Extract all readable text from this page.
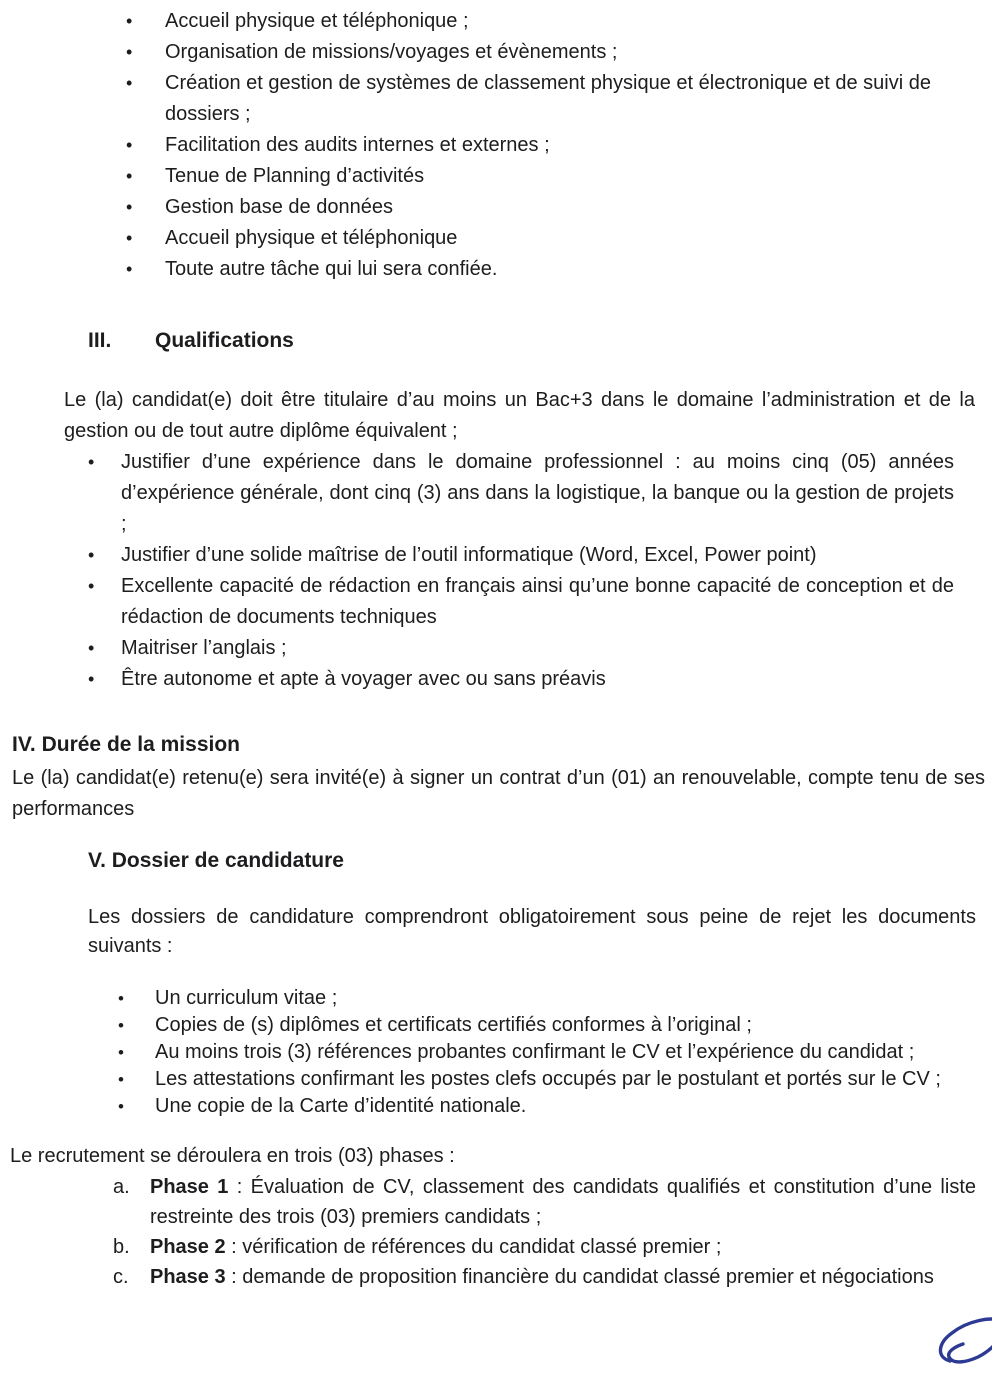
•	Accueil physique et téléphonique ;
•	Organisation de missions/voyages et évènements ;
•	Création et gestion de systèmes de classement physique et électronique et de suivi de dossiers ;
•	Facilitation des audits internes et externes ;
•	Tenue de Planning d’activités
•	Gestion base de données
•	Accueil physique et téléphonique
•	Toute autre tâche qui lui sera confiée.
III.	Qualifications

Le (la) candidat(e) doit être titulaire d’au moins un Bac+3 dans le domaine l’administration et de la gestion ou de tout autre diplôme équivalent ;

•	Justifier d’une expérience dans le domaine professionnel : au moins cinq (05) années d’expérience générale, dont cinq (3) ans dans la logistique, la banque ou la gestion de projets ;
•	Justifier d’une solide maîtrise de l’outil informatique (Word, Excel, Power point)
•	Excellente capacité de rédaction en français ainsi qu’une bonne capacité de conception et de rédaction de documents techniques
•	Maitriser l’anglais ;
•	Être autonome et apte à voyager avec ou sans préavis
IV. Durée de la mission

Le (la) candidat(e) retenu(e) sera invité(e) à signer un contrat d’un (01) an renouvelable, compte tenu de ses performances

V. Dossier de candidature

Les dossiers de candidature comprendront obligatoirement sous peine de rejet les documents suivants :

•	Un curriculum vitae ;
•	Copies de (s) diplômes et certificats certifiés conformes à l’original ;
•	Au moins trois (3) références probantes confirmant le CV et l’expérience du candidat ;
•	Les attestations confirmant les postes clefs occupés par le postulant et portés sur le CV ;
•	Une copie de la Carte d’identité nationale.

Le recrutement se déroulera en trois (03) phases :

a.	Phase 1 : Évaluation de CV, classement des candidats qualifiés et constitution d’une liste restreinte des trois (03) premiers candidats ;
b.	Phase 2 : vérification de références du candidat classé premier ;
c.	Phase 3 : demande de proposition financière du candidat classé premier et négociations
